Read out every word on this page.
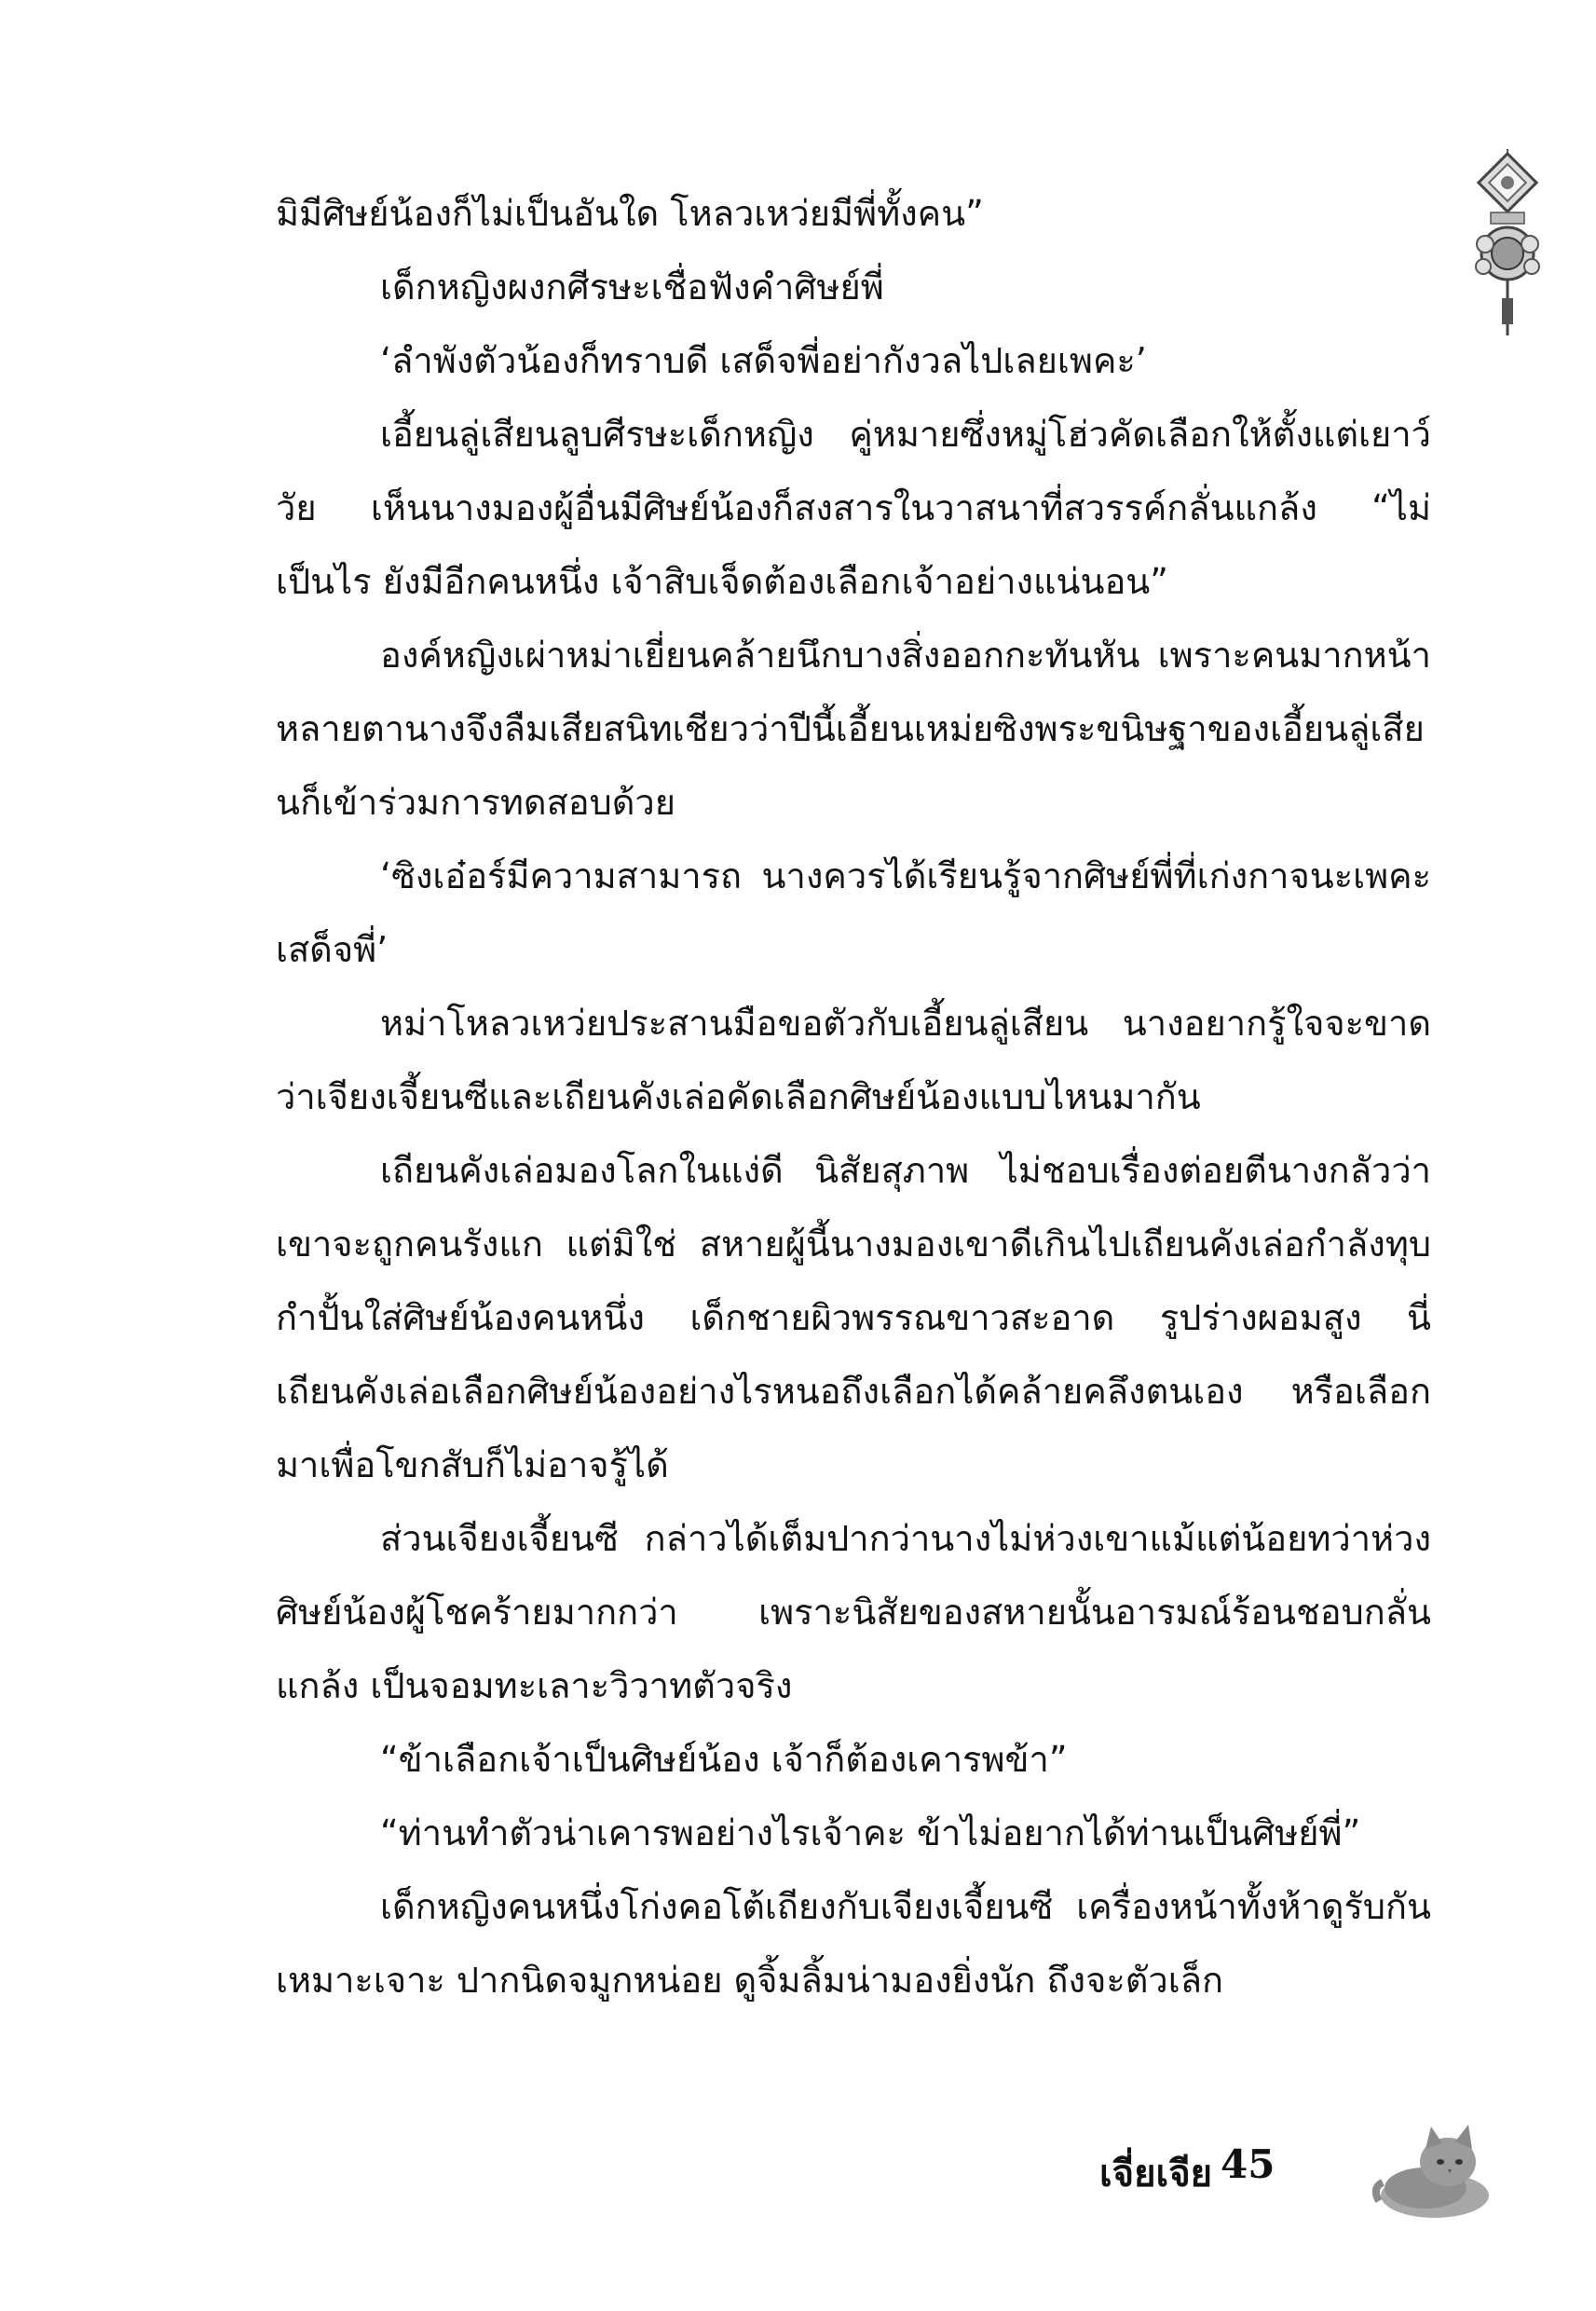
มิมีศิษย์น้องก็ไม่เป็นอันใด โหลวเหว่ยมีพี่ทั้งคน”

เด็กหญิงผงกศีรษะเชื่อฟังคำศิษย์พี่

‘ลำพังตัวน้องก็ทราบดี เสด็จพี่อย่ากังวลไปเลยเพคะ’

เอี้ยนลู่เสียนลูบศีรษะเด็กหญิง คู่หมายซึ่งหมู่โฮ่วคัดเลือกให้ตั้งแต่เยาว์วัย เห็นนางมองผู้อื่นมีศิษย์น้องก็สงสารในวาสนาที่สวรรค์กลั่นแกล้ง “ไม่เป็นไร ยังมีอีกคนหนึ่ง เจ้าสิบเจ็ดต้องเลือกเจ้าอย่างแน่นอน”

องค์หญิงเผ่าหม่าเยี่ยนคล้ายนึกบางสิ่งออกกะทันหัน เพราะคนมากหน้าหลายตานางจึงลืมเสียสนิทเชียวว่าปีนี้เอี้ยนเหม่ยซิงพระขนิษฐาของเอี้ยนลู่เสียนก็เข้าร่วมการทดสอบด้วย

‘ซิงเอ๋อร์มีความสามารถ นางควรได้เรียนรู้จากศิษย์พี่ที่เก่งกาจนะเพคะเสด็จพี่’

หม่าโหลวเหว่ยประสานมือขอตัวกับเอี้ยนลู่เสียน นางอยากรู้ใจจะขาดว่าเจียงเจี้ยนซีและเถียนคังเล่อคัดเลือกศิษย์น้องแบบไหนมากัน

เถียนคังเล่อมองโลกในแง่ดี นิสัยสุภาพ ไม่ชอบเรื่องต่อยตีนางกลัวว่าเขาจะถูกคนรังแก แต่มิใช่ สหายผู้นี้นางมองเขาดีเกินไปเถียนคังเล่อกำลังทุบกำปั้นใส่ศิษย์น้องคนหนึ่ง เด็กชายผิวพรรณขาวสะอาด รูปร่างผอมสูง นี่เถียนคังเล่อเลือกศิษย์น้องอย่างไรหนอถึงเลือกได้คล้ายคลึงตนเอง หรือเลือกมาเพื่อโขกสับก็ไม่อาจรู้ได้

ส่วนเจียงเจี้ยนซี กล่าวได้เต็มปากว่านางไม่ห่วงเขาแม้แต่น้อยทว่าห่วงศิษย์น้องผู้โชคร้ายมากกว่า เพราะนิสัยของสหายนั้นอารมณ์ร้อนชอบกลั่นแกล้ง เป็นจอมทะเลาะวิวาทตัวจริง

“ข้าเลือกเจ้าเป็นศิษย์น้อง เจ้าก็ต้องเคารพข้า”

“ท่านทำตัวน่าเคารพอย่างไรเจ้าคะ ข้าไม่อยากได้ท่านเป็นศิษย์พี่”

เด็กหญิงคนหนึ่งโก่งคอโต้เถียงกับเจียงเจี้ยนซี เครื่องหน้าทั้งห้าดูรับกันเหมาะเจาะ ปากนิดจมูกหน่อย ดูจิ้มลิ้มน่ามองยิ่งนัก ถึงจะตัวเล็ก

เจี่ยเจีย 45
